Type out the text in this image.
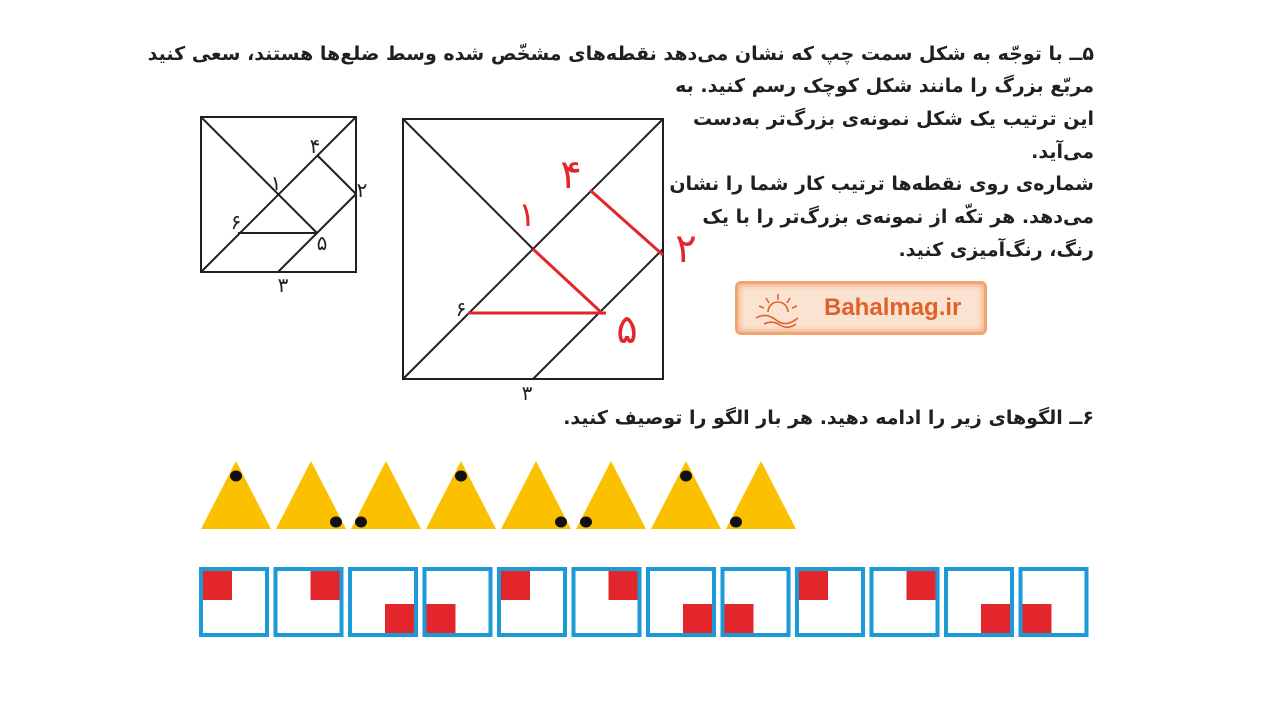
۵ــ با توجّه به شکل سمت چپ که نشان می‌دهد نقطه‌های مشخّص شده وسط ضلع‌ها هستند، سعی کنید
مربّع بزرگ را مانند شکل کوچک رسم کنید. به
این ترتیب یک شکل نمونه‌ی بزرگ‌تر به‌دست
می‌آید.
شماره‌ی روی نقطه‌ها ترتیب کار شما را نشان
می‌دهد. هر تکّه از نمونه‌ی بزرگ‌تر را با یک
رنگ، رنگ‌آمیزی کنید.
۱	۲
۳
۴
۵
۶	۱
۲
۴
۵
۳
۶	Bahalmag.ir
۶ــ الگوهای زیر را ادامه دهید. هر بار الگو را توصیف کنید.
